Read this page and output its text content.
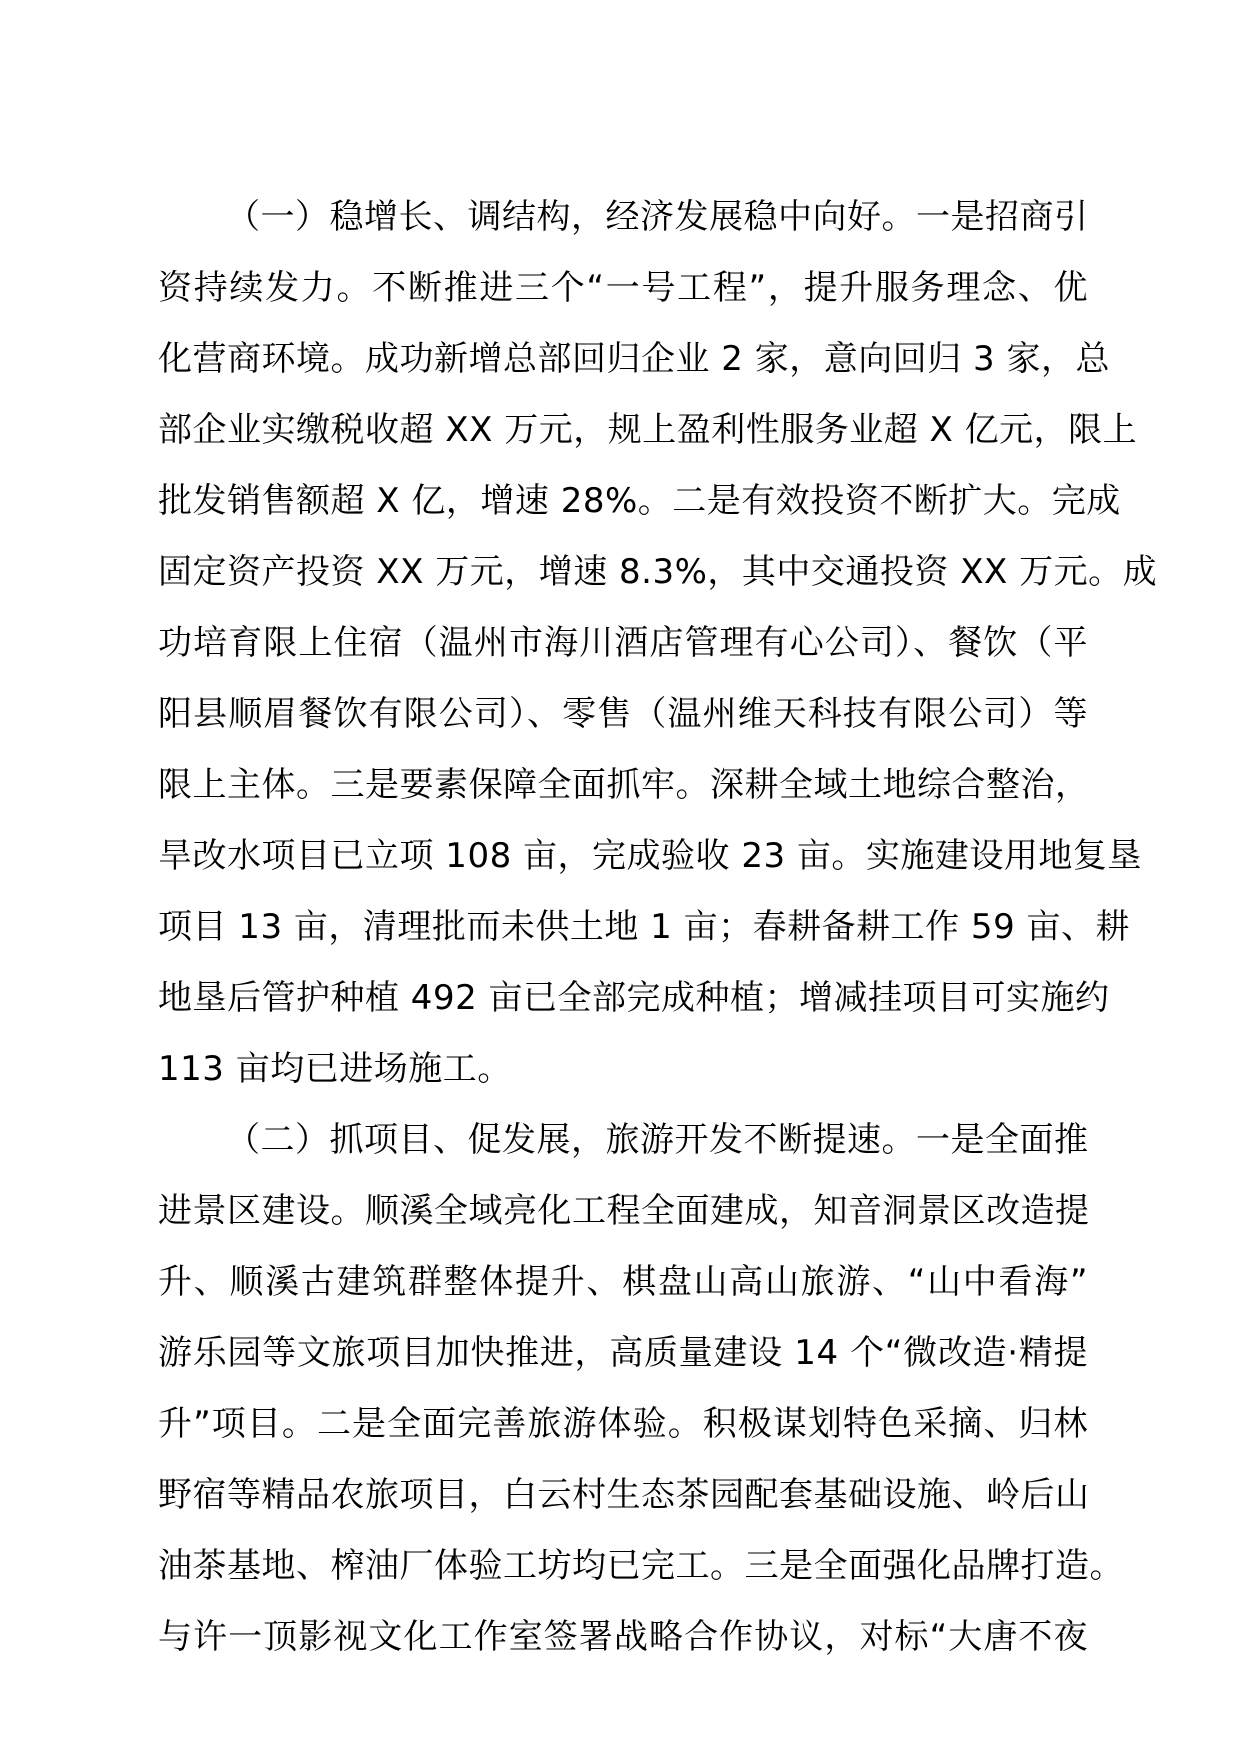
（一）稳增长、调结构，经济发展稳中向好。一是招商引
资持续发力。不断推进三个“一号工程”，提升服务理念、优
化营商环境。成功新增总部回归企业 2 家，意向回归 3 家，总
部企业实缴税收超 XX 万元，规上盈利性服务业超 X 亿元，限上
批发销售额超 X 亿，增速 28%。二是有效投资不断扩大。完成
固定资产投资 XX 万元，增速 8.3%，其中交通投资 XX 万元。成
功培育限上住宿（温州市海川酒店管理有心公司）、餐饮（平
阳县顺眉餐饮有限公司）、零售（温州维天科技有限公司）等
限上主体。三是要素保障全面抓牢。深耕全域土地综合整治，
旱改水项目已立项 108 亩，完成验收 23 亩。实施建设用地复垦
项目 13 亩，清理批而未供土地 1 亩；春耕备耕工作 59 亩、耕
地垦后管护种植 492 亩已全部完成种植；增减挂项目可实施约
113 亩均已进场施工。
（二）抓项目、促发展，旅游开发不断提速。一是全面推
进景区建设。顺溪全域亮化工程全面建成，知音洞景区改造提
升、顺溪古建筑群整体提升、棋盘山高山旅游、“山中看海”
游乐园等文旅项目加快推进，高质量建设 14 个“微改造·精提
升”项目。二是全面完善旅游体验。积极谋划特色采摘、归林
野宿等精品农旅项目，白云村生态茶园配套基础设施、岭后山
油茶基地、榨油厂体验工坊均已完工。三是全面强化品牌打造。
与许一顶影视文化工作室签署战略合作协议，对标“大唐不夜
